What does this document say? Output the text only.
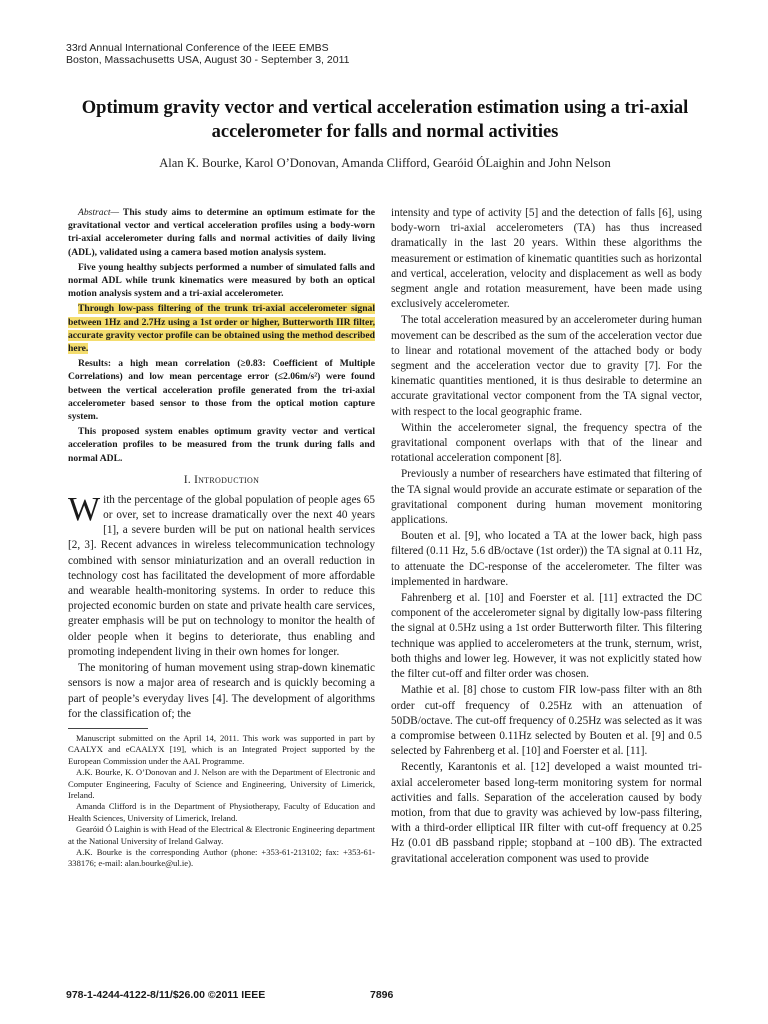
33rd Annual International Conference of the IEEE EMBS
Boston, Massachusetts USA, August 30 - September 3, 2011
Optimum gravity vector and vertical acceleration estimation using a tri-axial accelerometer for falls and normal activities
Alan K. Bourke, Karol O’Donovan, Amanda Clifford, Gearóid ÓLaighin and John Nelson

Abstract— This study aims to determine an optimum estimate for the gravitational vector and vertical acceleration profiles using a body-worn tri-axial accelerometer during falls and normal activities of daily living (ADL), validated using a camera based motion analysis system.

Five young healthy subjects performed a number of simulated falls and normal ADL while trunk kinematics were measured by both an optical motion analysis system and a tri-axial accelerometer.

Through low-pass filtering of the trunk tri-axial accelerometer signal between 1Hz and 2.7Hz using a 1st order or higher, Butterworth IIR filter, accurate gravity vector profile can be obtained using the method described here.

Results: a high mean correlation (≥0.83: Coefficient of Multiple Correlations) and low mean percentage error (≤2.06m/s²) were found between the vertical acceleration profile generated from the tri-axial accelerometer based sensor to those from the optical motion capture system.

This proposed system enables optimum gravity vector and vertical acceleration profiles to be measured from the trunk during falls and normal ADL.

I. Introduction

With the percentage of the global population of people ages 65 or over, set to increase dramatically over the next 40 years [1], a severe burden will be put on national health services [2, 3]. Recent advances in wireless telecommunication technology combined with sensor miniaturization and an overall reduction in technology cost has facilitated the development of more affordable and wearable health-monitoring systems. In order to reduce this projected economic burden on state and private health care services, greater emphasis will be put on technology to monitor the health of older people when it begins to deteriorate, thus enabling and promoting independent living in their own homes for longer.

The monitoring of human movement using strap-down kinematic sensors is now a major area of research and is quickly becoming a part of people’s everyday lives [4]. The development of algorithms for the classification of; the

Manuscript submitted on the April 14, 2011. This work was supported in part by CAALYX and eCAALYX [19], which is an Integrated Project supported by the European Commission under the AAL Programme.

A.K. Bourke, K. O’Donovan and J. Nelson are with the Department of Electronic and Computer Engineering, Faculty of Science and Engineering, University of Limerick, Ireland.

Amanda Clifford is in the Department of Physiotherapy, Faculty of Education and Health Sciences, University of Limerick, Ireland.

Gearóid Ó Laighin is with Head of the Electrical & Electronic Engineering department at the National University of Ireland Galway.

A.K. Bourke is the corresponding Author (phone: +353-61-213102; fax: +353-61-338176; e-mail: alan.bourke@ul.ie).

intensity and type of activity [5] and the detection of falls [6], using body-worn tri-axial accelerometers (TA) has thus increased dramatically in the last 20 years. Within these algorithms the measurement or estimation of kinematic quantities such as horizontal and vertical, acceleration, velocity and displacement as well as body segment angle and rotation measurement, have been made using exclusively accelerometer.

The total acceleration measured by an accelerometer during human movement can be described as the sum of the acceleration vector due to linear and rotational movement of the attached body or body segment and the acceleration vector due to gravity [7]. For the kinematic quantities mentioned, it is thus desirable to determine an accurate gravitational vector component from the TA signal vector, with respect to the local geographic frame.

Within the accelerometer signal, the frequency spectra of the gravitational component overlaps with that of the linear and rotational acceleration component [8].

Previously a number of researchers have estimated that filtering of the TA signal would provide an accurate estimate or separation of the gravitational component during human movement monitoring applications.

Bouten et al. [9], who located a TA at the lower back, high pass filtered (0.11 Hz, 5.6 dB/octave (1st order)) the TA signal at 0.11 Hz, to attenuate the DC-response of the accelerometer. The filter was implemented in hardware.

Fahrenberg et al. [10] and Foerster et al. [11] extracted the DC component of the accelerometer signal by digitally low-pass filtering the signal at 0.5Hz using a 1st order Butterworth filter. This filtering technique was applied to accelerometers at the trunk, sternum, wrist, both thighs and lower leg. However, it was not explicitly stated how the filter cut-off and filter order was chosen.

Mathie et al. [8] chose to custom FIR low-pass filter with an 8th order cut-off frequency of 0.25Hz with an attenuation of 50DB/octave. The cut-off frequency of 0.25Hz was selected as it was a compromise between 0.11Hz selected by Bouten et al. [9] and 0.5 selected by Fahrenberg et al. [10] and Foerster et al. [11].

Recently, Karantonis et al. [12] developed a waist mounted tri-axial accelerometer based long-term monitoring system for normal activities and falls. Separation of the acceleration caused by body motion, from that due to gravity was achieved by low-pass filtering, with a third-order elliptical IIR filter with cut-off frequency at 0.25 Hz (0.01 dB passband ripple; stopband at −100 dB). The extracted gravitational acceleration component was used to provide

978-1-4244-4122-8/11/$26.00 ©2011 IEEE	7896
